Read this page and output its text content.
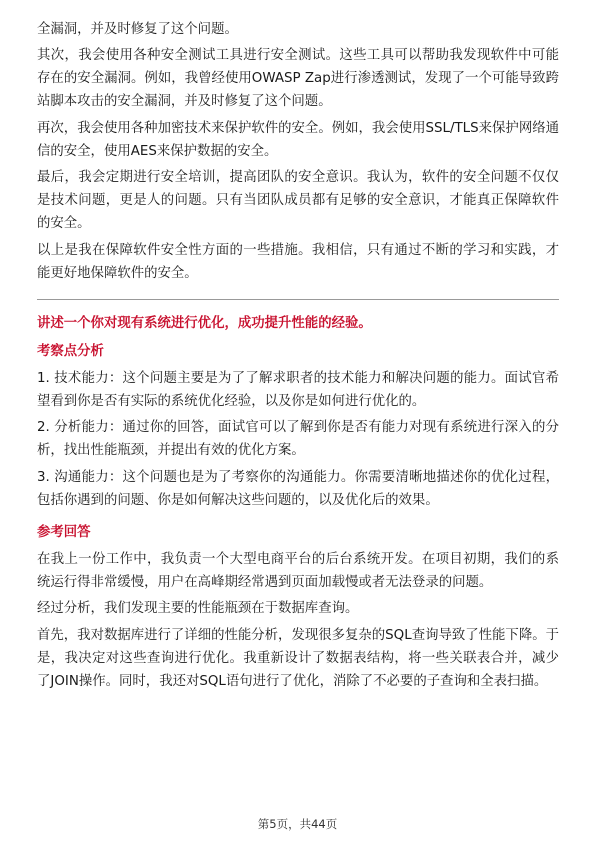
全漏洞，并及时修复了这个问题。

其次，我会使用各种安全测试工具进行安全测试。这些工具可以帮助我发现软件中可能存在的安全漏洞。例如，我曾经使用OWASP Zap进行渗透测试，发现了一个可能导致跨站脚本攻击的安全漏洞，并及时修复了这个问题。

再次，我会使用各种加密技术来保护软件的安全。例如，我会使用SSL/TLS来保护网络通信的安全，使用AES来保护数据的安全。

最后，我会定期进行安全培训，提高团队的安全意识。我认为，软件的安全问题不仅仅是技术问题，更是人的问题。只有当团队成员都有足够的安全意识，才能真正保障软件的安全。

以上是我在保障软件安全性方面的一些措施。我相信，只有通过不断的学习和实践，才能更好地保障软件的安全。

讲述一个你对现有系统进行优化，成功提升性能的经验。

考察点分析

1. 技术能力：这个问题主要是为了了解求职者的技术能力和解决问题的能力。面试官希望看到你是否有实际的系统优化经验，以及你是如何进行优化的。

2. 分析能力：通过你的回答，面试官可以了解到你是否有能力对现有系统进行深入的分析，找出性能瓶颈，并提出有效的优化方案。

3. 沟通能力：这个问题也是为了考察你的沟通能力。你需要清晰地描述你的优化过程，包括你遇到的问题、你是如何解决这些问题的，以及优化后的效果。

参考回答

在我上一份工作中，我负责一个大型电商平台的后台系统开发。在项目初期，我们的系统运行得非常缓慢，用户在高峰期经常遇到页面加载慢或者无法登录的问题。

经过分析，我们发现主要的性能瓶颈在于数据库查询。

首先，我对数据库进行了详细的性能分析，发现很多复杂的SQL查询导致了性能下降。于是，我决定对这些查询进行优化。我重新设计了数据表结构，将一些关联表合并，减少了JOIN操作。同时，我还对SQL语句进行了优化，消除了不必要的子查询和全表扫描。

第5页，共44页
